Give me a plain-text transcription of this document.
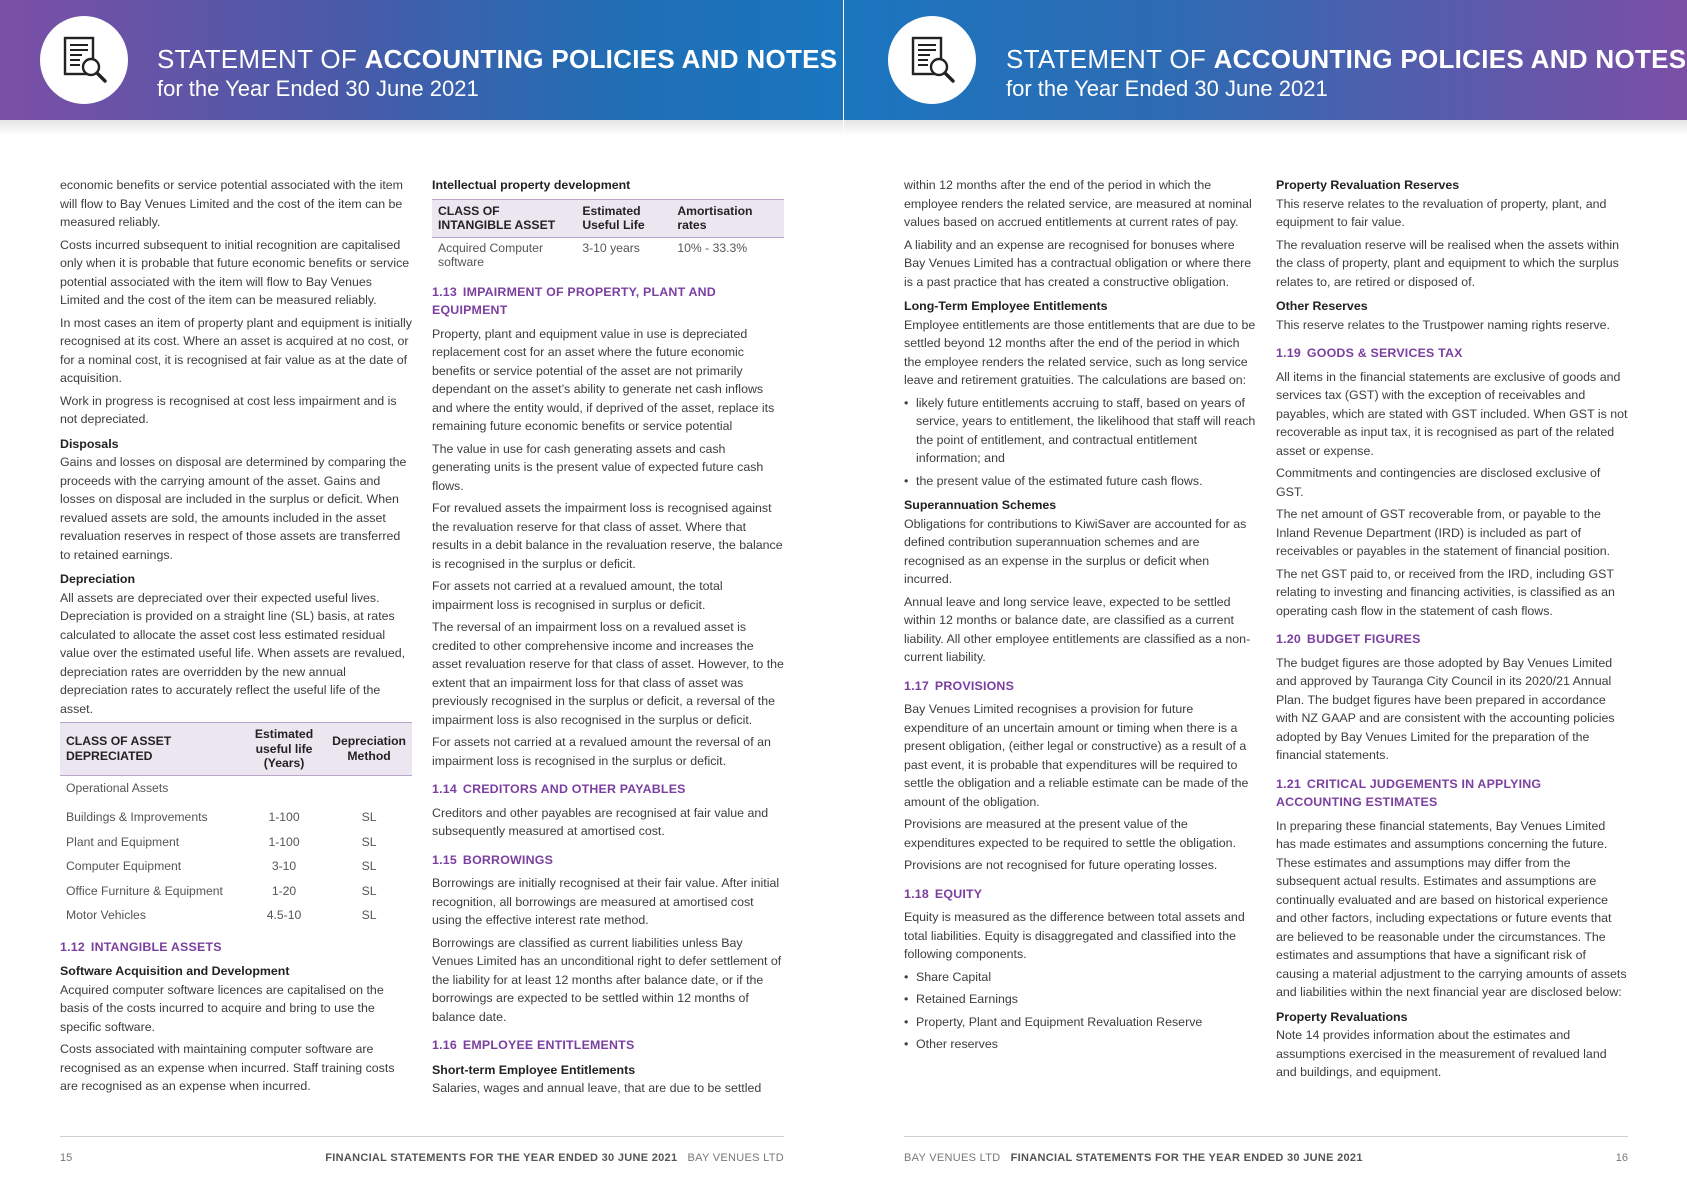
STATEMENT OF ACCOUNTING POLICIES AND NOTES
for the Year Ended 30 June 2021

economic benefits or service potential associated with the item will flow to Bay Venues Limited and the cost of the item can be measured reliably.

Costs incurred subsequent to initial recognition are capitalised only when it is probable that future economic benefits or service potential associated with the item will flow to Bay Venues Limited and the cost of the item can be measured reliably.

In most cases an item of property plant and equipment is initially recognised at its cost. Where an asset is acquired at no cost, or for a nominal cost, it is recognised at fair value as at the date of acquisition.

Work in progress is recognised at cost less impairment and is not depreciated.

Disposals

Gains and losses on disposal are determined by comparing the proceeds with the carrying amount of the asset. Gains and losses on disposal are included in the surplus or deficit. When revalued assets are sold, the amounts included in the asset revaluation reserves in respect of those assets are transferred to retained earnings.

Depreciation

All assets are depreciated over their expected useful lives. Depreciation is provided on a straight line (SL) basis, at rates calculated to allocate the asset cost less estimated residual value over the estimated useful life. When assets are revalued, depreciation rates are overridden by the new annual depreciation rates to accurately reflect the useful life of the asset.

CLASS OF ASSET DEPRECIATED	Estimated useful life (Years)	Depreciation Method
Operational Assets		
Buildings & Improvements	1-100	SL
Plant and Equipment	1-100	SL
Computer Equipment	3-10	SL
Office Furniture & Equipment	1-20	SL
Motor Vehicles	4.5-10	SL
1.12 INTANGIBLE ASSETS
Software Acquisition and Development

Acquired computer software licences are capitalised on the basis of the costs incurred to acquire and bring to use the specific software.

Costs associated with maintaining computer software are recognised as an expense when incurred. Staff training costs are recognised as an expense when incurred.

Intellectual property development
CLASS OF INTANGIBLE ASSET	Estimated Useful Life	Amortisation rates
Acquired Computer software	3-10 years	10% - 33.3%
1.13 IMPAIRMENT OF PROPERTY, PLANT AND EQUIPMENT

Property, plant and equipment value in use is depreciated replacement cost for an asset where the future economic benefits or service potential of the asset are not primarily dependant on the asset’s ability to generate net cash inflows and where the entity would, if deprived of the asset, replace its remaining future economic benefits or service potential

The value in use for cash generating assets and cash generating units is the present value of expected future cash flows.

For revalued assets the impairment loss is recognised against the revaluation reserve for that class of asset. Where that results in a debit balance in the revaluation reserve, the balance is recognised in the surplus or deficit.

For assets not carried at a revalued amount, the total impairment loss is recognised in surplus or deficit.

The reversal of an impairment loss on a revalued asset is credited to other comprehensive income and increases the asset revaluation reserve for that class of asset. However, to the extent that an impairment loss for that class of asset was previously recognised in the surplus or deficit, a reversal of the impairment loss is also recognised in the surplus or deficit.

For assets not carried at a revalued amount the reversal of an impairment loss is recognised in the surplus or deficit.

1.14 CREDITORS AND OTHER PAYABLES

Creditors and other payables are recognised at fair value and subsequently measured at amortised cost.

1.15 BORROWINGS

Borrowings are initially recognised at their fair value. After initial recognition, all borrowings are measured at amortised cost using the effective interest rate method.

Borrowings are classified as current liabilities unless Bay Venues Limited has an unconditional right to defer settlement of the liability for at least 12 months after balance date, or if the borrowings are expected to be settled within 12 months of balance date.

1.16 EMPLOYEE ENTITLEMENTS
Short-term Employee Entitlements

Salaries, wages and annual leave, that are due to be settled

15	FINANCIAL STATEMENTS FOR THE YEAR ENDED 30 JUNE 2021 BAY VENUES LTD
STATEMENT OF ACCOUNTING POLICIES AND NOTES
for the Year Ended 30 June 2021

within 12 months after the end of the period in which the employee renders the related service, are measured at nominal values based on accrued entitlements at current rates of pay.

A liability and an expense are recognised for bonuses where Bay Venues Limited has a contractual obligation or where there is a past practice that has created a constructive obligation.

Long-Term Employee Entitlements

Employee entitlements are those entitlements that are due to be settled beyond 12 months after the end of the period in which the employee renders the related service, such as long service leave and retirement gratuities. The calculations are based on:

• likely future entitlements accruing to staff, based on years of service, years to entitlement, the likelihood that staff will reach the point of entitlement, and contractual entitlement information; and
• the present value of the estimated future cash flows.
Superannuation Schemes

Obligations for contributions to KiwiSaver are accounted for as defined contribution superannuation schemes and are recognised as an expense in the surplus or deficit when incurred.

Annual leave and long service leave, expected to be settled within 12 months or balance date, are classified as a current liability. All other employee entitlements are classified as a non-current liability.

1.17 PROVISIONS

Bay Venues Limited recognises a provision for future expenditure of an uncertain amount or timing when there is a present obligation, (either legal or constructive) as a result of a past event, it is probable that expenditures will be required to settle the obligation and a reliable estimate can be made of the amount of the obligation.

Provisions are measured at the present value of the expenditures expected to be required to settle the obligation.

Provisions are not recognised for future operating losses.

1.18 EQUITY

Equity is measured as the difference between total assets and total liabilities. Equity is disaggregated and classified into the following components.

• Share Capital
• Retained Earnings
• Property, Plant and Equipment Revaluation Reserve
• Other reserves
Property Revaluation Reserves

This reserve relates to the revaluation of property, plant, and equipment to fair value.

The revaluation reserve will be realised when the assets within the class of property, plant and equipment to which the surplus relates to, are retired or disposed of.

Other Reserves

This reserve relates to the Trustpower naming rights reserve.

1.19 GOODS & SERVICES TAX

All items in the financial statements are exclusive of goods and services tax (GST) with the exception of receivables and payables, which are stated with GST included. When GST is not recoverable as input tax, it is recognised as part of the related asset or expense.

Commitments and contingencies are disclosed exclusive of GST.

The net amount of GST recoverable from, or payable to the Inland Revenue Department (IRD) is included as part of receivables or payables in the statement of financial position.

The net GST paid to, or received from the IRD, including GST relating to investing and financing activities, is classified as an operating cash flow in the statement of cash flows.

1.20 BUDGET FIGURES

The budget figures are those adopted by Bay Venues Limited and approved by Tauranga City Council in its 2020/21 Annual Plan. The budget figures have been prepared in accordance with NZ GAAP and are consistent with the accounting policies adopted by Bay Venues Limited for the preparation of the financial statements.

1.21 CRITICAL JUDGEMENTS IN APPLYING ACCOUNTING ESTIMATES

In preparing these financial statements, Bay Venues Limited has made estimates and assumptions concerning the future. These estimates and assumptions may differ from the subsequent actual results. Estimates and assumptions are continually evaluated and are based on historical experience and other factors, including expectations or future events that are believed to be reasonable under the circumstances. The estimates and assumptions that have a significant risk of causing a material adjustment to the carrying amounts of assets and liabilities within the next financial year are disclosed below:

Property Revaluations

Note 14 provides information about the estimates and assumptions exercised in the measurement of revalued land and buildings, and equipment.

BAY VENUES LTD FINANCIAL STATEMENTS FOR THE YEAR ENDED 30 JUNE 2021	16
